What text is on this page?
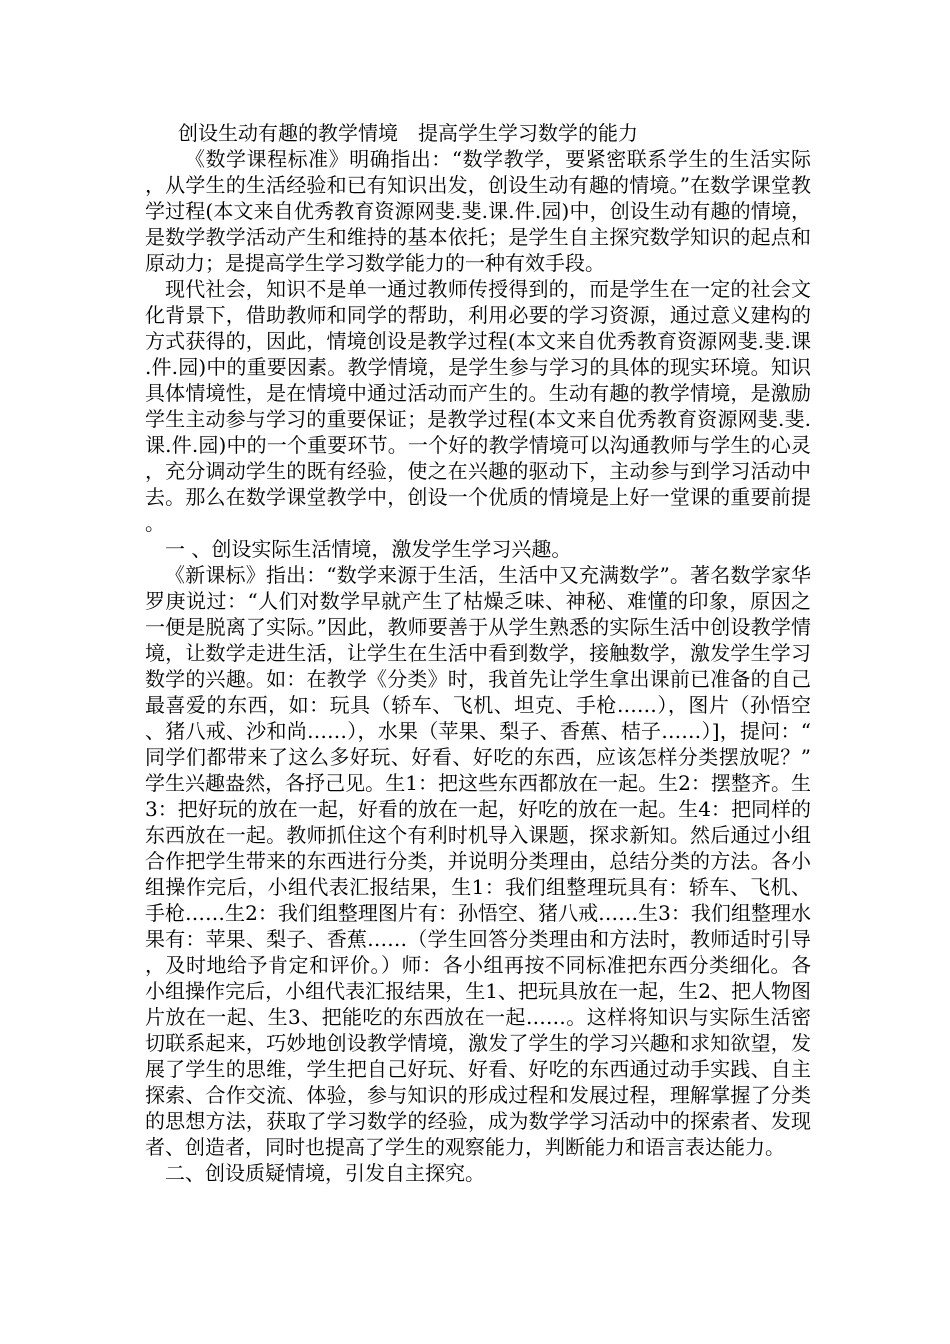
创设生动有趣的教学情境　提高学生学习数学的能力

《数学课程标准》明确指出：“数学教学，要紧密联系学生的生活实际，从学生的生活经验和已有知识出发，创设生动有趣的情境。”在数学课堂教学过程(本文来自优秀教育资源网斐.斐.课.件.园)中，创设生动有趣的情境，是数学教学活动产生和维持的基本依托；是学生自主探究数学知识的起点和原动力；是提高学生学习数学能力的一种有效手段。

现代社会，知识不是单一通过教师传授得到的，而是学生在一定的社会文化背景下，借助教师和同学的帮助，利用必要的学习资源，通过意义建构的方式获得的，因此，情境创设是教学过程(本文来自优秀教育资源网斐.斐.课.件.园)中的重要因素。教学情境，是学生参与学习的具体的现实环境。知识具体情境性，是在情境中通过活动而产生的。生动有趣的教学情境，是激励学生主动参与学习的重要保证；是教学过程(本文来自优秀教育资源网斐.斐.课.件.园)中的一个重要环节。一个好的教学情境可以沟通教师与学生的心灵，充分调动学生的既有经验，使之在兴趣的驱动下，主动参与到学习活动中去。那么在数学课堂教学中，创设一个优质的情境是上好一堂课的重要前提。

一 、创设实际生活情境，激发学生学习兴趣。

《新课标》指出：“数学来源于生活，生活中又充满数学”。著名数学家华罗庚说过：“人们对数学早就产生了枯燥乏味、神秘、难懂的印象，原因之一便是脱离了实际。”因此，教师要善于从学生熟悉的实际生活中创设教学情境，让数学走进生活，让学生在生活中看到数学，接触数学，激发学生学习数学的兴趣。如：在教学《分类》时，我首先让学生拿出课前已准备的自己最喜爱的东西，如：玩具（轿车、飞机、坦克、手枪……），图片（孙悟空、猪八戒、沙和尚……），水果（苹果、梨子、香蕉、桔子……）]，提问：“同学们都带来了这么多好玩、好看、好吃的东西，应该怎样分类摆放呢？”学生兴趣盎然，各抒己见。生1：把这些东西都放在一起。生2：摆整齐。生3：把好玩的放在一起，好看的放在一起，好吃的放在一起。生4：把同样的东西放在一起。教师抓住这个有利时机导入课题，探求新知。然后通过小组合作把学生带来的东西进行分类，并说明分类理由，总结分类的方法。各小组操作完后，小组代表汇报结果，生1：我们组整理玩具有：轿车、飞机、手枪……生2：我们组整理图片有：孙悟空、猪八戒……生3：我们组整理水果有：苹果、梨子、香蕉……（学生回答分类理由和方法时，教师适时引导，及时地给予肯定和评价。）师：各小组再按不同标准把东西分类细化。各小组操作完后，小组代表汇报结果，生1、把玩具放在一起，生2、把人物图片放在一起、生3、把能吃的东西放在一起……。这样将知识与实际生活密切联系起来，巧妙地创设教学情境，激发了学生的学习兴趣和求知欲望，发展了学生的思维，学生把自己好玩、好看、好吃的东西通过动手实践、自主探索、合作交流、体验，参与知识的形成过程和发展过程，理解掌握了分类的思想方法，获取了学习数学的经验，成为数学学习活动中的探索者、发现者、创造者，同时也提高了学生的观察能力，判断能力和语言表达能力。

二、创设质疑情境，引发自主探究。
